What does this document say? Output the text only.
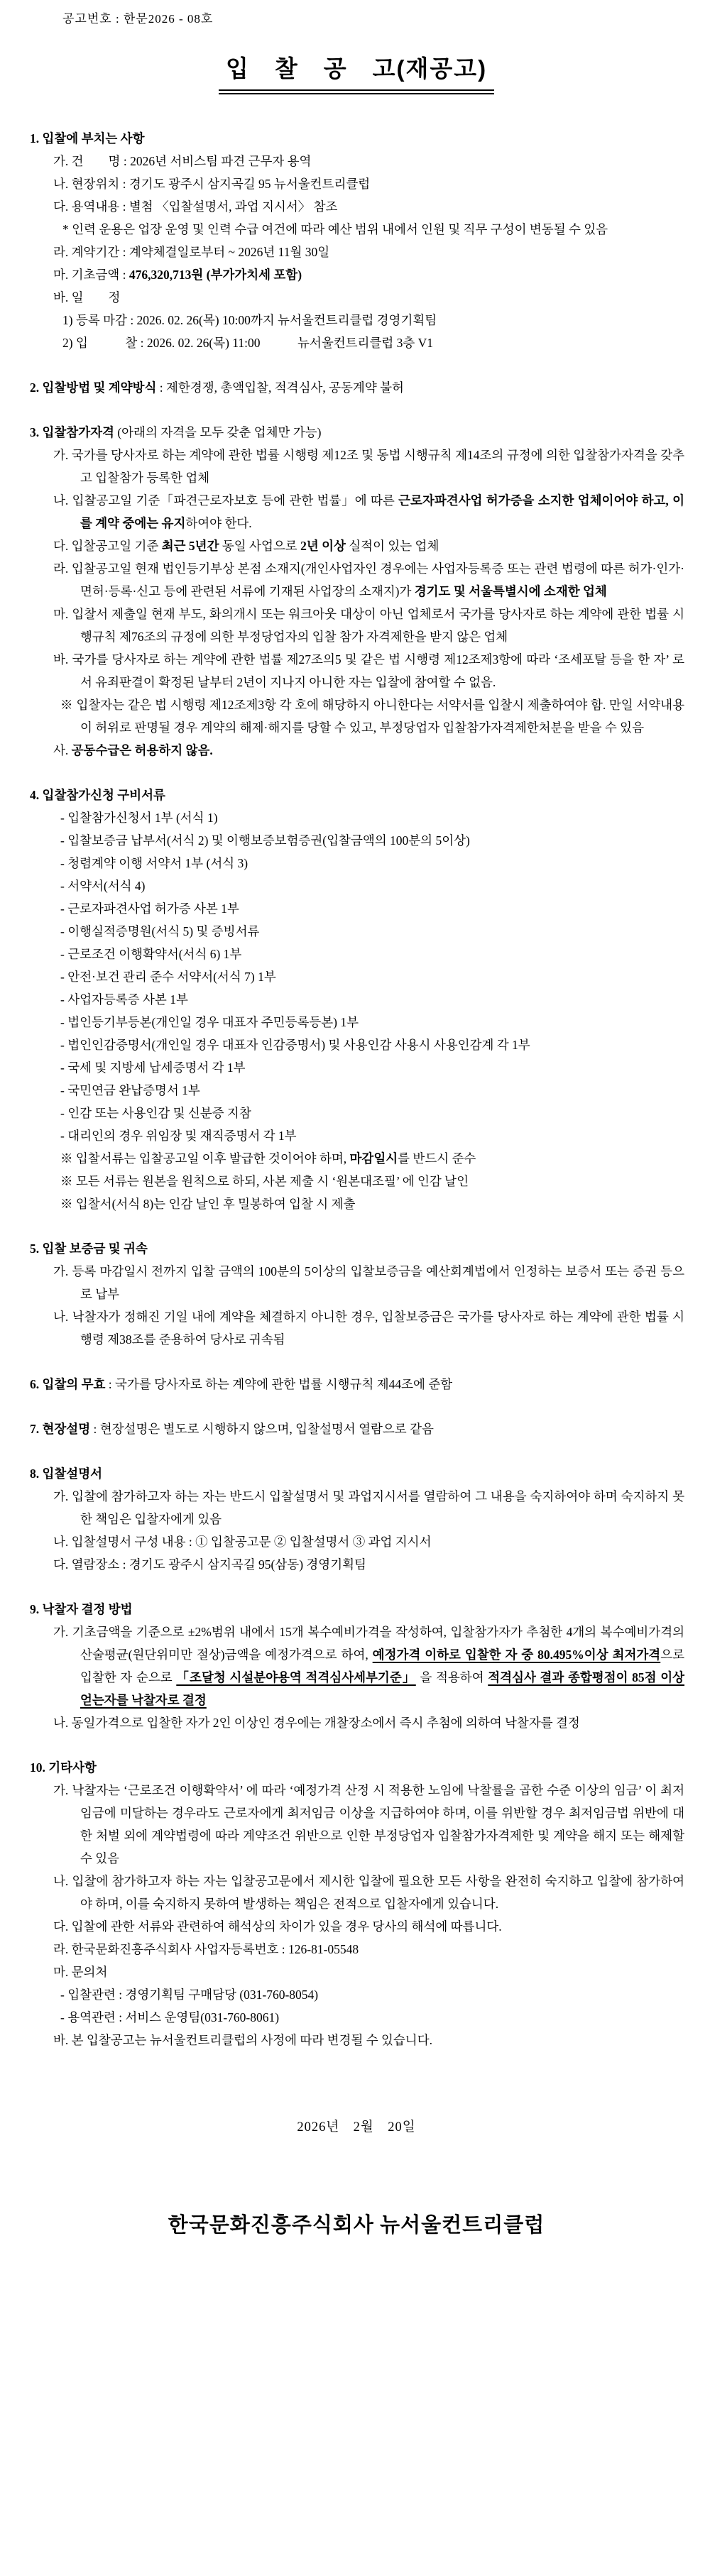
공고번호 : 한문2026 - 08호

입　찰　공　고(재공고)

1. 입찰에 부치는 사항

가. 건　　명 : 2026년 서비스팀 파견 근무자 용역

나. 현장위치 : 경기도 광주시 삼지곡길 95 뉴서울컨트리클럽

다. 용역내용 : 별첨 〈입찰설명서, 과업 지시서〉 참조

* 인력 운용은 업장 운영 및 인력 수급 여건에 따라 예산 범위 내에서 인원 및 직무 구성이 변동될 수 있음

라. 계약기간 : 계약체결일로부터 ~ 2026년 11월 30일

마. 기초금액 : 476,320,713원 (부가가치세 포함)

바. 일　　정

1) 등록 마감 : 2026. 02. 26(목) 10:00까지 뉴서울컨트리클럽 경영기획팀

2) 입　　　찰 : 2026. 02. 26(목) 11:00　　　뉴서울컨트리클럽 3층 V1

2. 입찰방법 및 계약방식 : 제한경쟁, 총액입찰, 적격심사, 공동계약 불허

3. 입찰참가자격 (아래의 자격을 모두 갖춘 업체만 가능)

가. 국가를 당사자로 하는 계약에 관한 법률 시행령 제12조 및 동법 시행규칙 제14조의 규정에 의한 입찰참가자격을 갖추고 입찰참가 등록한 업체

나. 입찰공고일 기준「파견근로자보호 등에 관한 법률」에 따른 근로자파견사업 허가증을 소지한 업체이어야 하고, 이를 계약 중에는 유지하여야 한다.

다. 입찰공고일 기준 최근 5년간 동일 사업으로 2년 이상 실적이 있는 업체

라. 입찰공고일 현재 법인등기부상 본점 소재지(개인사업자인 경우에는 사업자등록증 또는 관련 법령에 따른 허가·인가·면허·등록·신고 등에 관련된 서류에 기재된 사업장의 소재지)가 경기도 및 서울특별시에 소재한 업체

마. 입찰서 제출일 현재 부도, 화의개시 또는 워크아웃 대상이 아닌 업체로서 국가를 당사자로 하는 계약에 관한 법률 시행규칙 제76조의 규정에 의한 부정당업자의 입찰 참가 자격제한을 받지 않은 업체

바. 국가를 당사자로 하는 계약에 관한 법률 제27조의5 및 같은 법 시행령 제12조제3항에 따라 ‘조세포탈 등을 한 자’ 로서 유죄판결이 확정된 날부터 2년이 지나지 아니한 자는 입찰에 참여할 수 없음.

※ 입찰자는 같은 법 시행령 제12조제3항 각 호에 해당하지 아니한다는 서약서를 입찰시 제출하여야 함. 만일 서약내용이 허위로 판명될 경우 계약의 해제·해지를 당할 수 있고, 부정당업자 입찰참가자격제한처분을 받을 수 있음

사. 공동수급은 허용하지 않음.

4. 입찰참가신청 구비서류

- 입찰참가신청서 1부 (서식 1)

- 입찰보증금 납부서(서식 2) 및 이행보증보험증권(입찰금액의 100분의 5이상)

- 청렴계약 이행 서약서 1부 (서식 3)

- 서약서(서식 4)

- 근로자파견사업 허가증 사본 1부

- 이행실적증명원(서식 5) 및 증빙서류

- 근로조건 이행확약서(서식 6) 1부

- 안전·보건 관리 준수 서약서(서식 7) 1부

- 사업자등록증 사본 1부

- 법인등기부등본(개인일 경우 대표자 주민등록등본) 1부

- 법인인감증명서(개인일 경우 대표자 인감증명서) 및 사용인감 사용시 사용인감계 각 1부

- 국세 및 지방세 납세증명서 각 1부

- 국민연금 완납증명서 1부

- 인감 또는 사용인감 및 신분증 지참

- 대리인의 경우 위임장 및 재직증명서 각 1부

※ 입찰서류는 입찰공고일 이후 발급한 것이어야 하며, 마감일시를 반드시 준수

※ 모든 서류는 원본을 원칙으로 하되, 사본 제출 시 ‘원본대조필’ 에 인감 날인

※ 입찰서(서식 8)는 인감 날인 후 밀봉하여 입찰 시 제출

5. 입찰 보증금 및 귀속

가. 등록 마감일시 전까지 입찰 금액의 100분의 5이상의 입찰보증금을 예산회계법에서 인정하는 보증서 또는 증권 등으로 납부

나. 낙찰자가 정해진 기일 내에 계약을 체결하지 아니한 경우, 입찰보증금은 국가를 당사자로 하는 계약에 관한 법률 시행령 제38조를 준용하여 당사로 귀속됨

6. 입찰의 무효 : 국가를 당사자로 하는 계약에 관한 법률 시행규칙 제44조에 준함

7. 현장설명 : 현장설명은 별도로 시행하지 않으며, 입찰설명서 열람으로 같음

8. 입찰설명서

가. 입찰에 참가하고자 하는 자는 반드시 입찰설명서 및 과업지시서를 열람하여 그 내용을 숙지하여야 하며 숙지하지 못한 책임은 입찰자에게 있음

나. 입찰설명서 구성 내용 : ① 입찰공고문 ② 입찰설명서 ③ 과업 지시서

다. 열람장소 : 경기도 광주시 삼지곡길 95(삼동) 경영기획팀

9. 낙찰자 결정 방법

가. 기초금액을 기준으로 ±2%범위 내에서 15개 복수예비가격을 작성하여, 입찰참가자가 추첨한 4개의 복수예비가격의 산술평균(원단위미만 절상)금액을 예정가격으로 하여, 예정가격 이하로 입찰한 자 중 80.495%이상 최저가격으로 입찰한 자 순으로 「조달청 시설분야용역 적격심사세부기준」 을 적용하여 적격심사 결과 종합평점이 85점 이상 얻는자를 낙찰자로 결정

나. 동일가격으로 입찰한 자가 2인 이상인 경우에는 개찰장소에서 즉시 추첨에 의하여 낙찰자를 결정

10. 기타사항

가. 낙찰자는 ‘근로조건 이행확약서’ 에 따라 ‘예정가격 산정 시 적용한 노임에 낙찰률을 곱한 수준 이상의 임금’ 이 최저임금에 미달하는 경우라도 근로자에게 최저임금 이상을 지급하여야 하며, 이를 위반할 경우 최저임금법 위반에 대한 처벌 외에 계약법령에 따라 계약조건 위반으로 인한 부정당업자 입찰참가자격제한 및 계약을 해지 또는 해제할 수 있음

나. 입찰에 참가하고자 하는 자는 입찰공고문에서 제시한 입찰에 필요한 모든 사항을 완전히 숙지하고 입찰에 참가하여야 하며, 이를 숙지하지 못하여 발생하는 책임은 전적으로 입찰자에게 있습니다.

다. 입찰에 관한 서류와 관련하여 해석상의 차이가 있을 경우 당사의 해석에 따릅니다.

라. 한국문화진흥주식회사 사업자등록번호 : 126-81-05548

마. 문의처

- 입찰관련 : 경영기획팀 구매담당 (031-760-8054)

- 용역관련 : 서비스 운영팀(031-760-8061)

바. 본 입찰공고는 뉴서울컨트리클럽의 사정에 따라 변경될 수 있습니다.

2026년　2월　20일

한국문화진흥주식회사 뉴서울컨트리클럽
